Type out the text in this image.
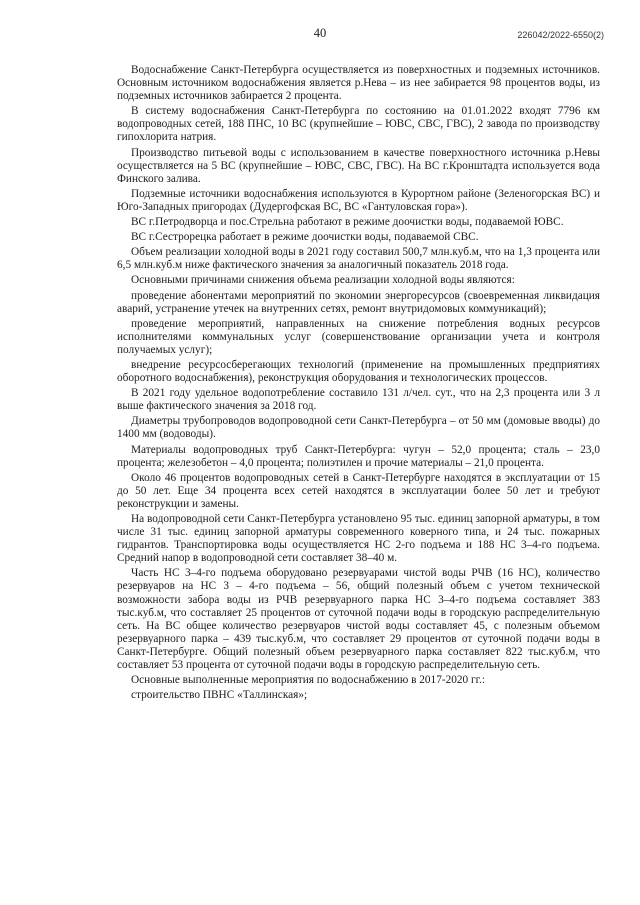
40	226042/2022-6550(2)

Водоснабжение Санкт-Петербурга осуществляется из поверхностных и подземных источников. Основным источником водоснабжения является р.Нева – из нее забирается 98 процентов воды, из подземных источников забирается 2 процента.

В систему водоснабжения Санкт-Петербурга по состоянию на 01.01.2022 входят 7796 км водопроводных сетей, 188 ПНС, 10 ВС (крупнейшие – ЮВС, СВС, ГВС), 2 завода по производству гипохлорита натрия.

Производство питьевой воды с использованием в качестве поверхностного источника р.Невы осуществляется на 5 ВС (крупнейшие – ЮВС, СВС, ГВС). На ВС г.Кронштадта используется вода Финского залива.

Подземные источники водоснабжения используются в Курортном районе (Зеленогорская ВС) и Юго-Западных пригородах (Дудергофская ВС, ВС «Гантуловская гора»).

ВС г.Петродворца и пос.Стрельна работают в режиме доочистки воды, подаваемой ЮВС.

ВС г.Сестрорецка работает в режиме доочистки воды, подаваемой СВС.

Объем реализации холодной воды в 2021 году составил 500,7 млн.куб.м, что на 1,3 процента или 6,5 млн.куб.м ниже фактического значения за аналогичный показатель 2018 года.

Основными причинами снижения объема реализации холодной воды являются:

проведение абонентами мероприятий по экономии энергоресурсов (своевременная ликвидация аварий, устранение утечек на внутренних сетях, ремонт внутридомовых коммуникаций);

проведение мероприятий, направленных на снижение потребления водных ресурсов исполнителями коммунальных услуг (совершенствование организации учета и контроля получаемых услуг);

внедрение ресурсосберегающих технологий (применение на промышленных предприятиях оборотного водоснабжения), реконструкция оборудования и технологических процессов.

В 2021 году удельное водопотребление составило 131 л/чел. сут., что на 2,3 процента или 3 л выше фактического значения за 2018 год.

Диаметры трубопроводов водопроводной сети Санкт-Петербурга – от 50 мм (домовые вводы) до 1400 мм (водоводы).

Материалы водопроводных труб Санкт-Петербурга: чугун – 52,0 процента; сталь – 23,0 процента; железобетон – 4,0 процента; полиэтилен и прочие материалы – 21,0 процента.

Около 46 процентов водопроводных сетей в Санкт-Петербурге находятся в эксплуатации от 15 до 50 лет. Еще 34 процента всех сетей находятся в эксплуатации более 50 лет и требуют реконструкции и замены.

На водопроводной сети Санкт-Петербурга установлено 95 тыс. единиц запорной арматуры, в том числе 31 тыс. единиц запорной арматуры современного коверного типа, и 24 тыс. пожарных гидрантов. Транспортировка воды осуществляется НС 2-го подъема и 188 НС 3–4-го подъема. Средний напор в водопроводной сети составляет 38–40 м.

Часть НС 3–4-го подъема оборудовано резервуарами чистой воды РЧВ (16 НС), количество резервуаров на НС 3 – 4-го подъема – 56, общий полезный объем с учетом технической возможности забора воды из РЧВ резервуарного парка НС 3–4-го подъема составляет 383 тыс.куб.м, что составляет 25 процентов от суточной подачи воды в городскую распределительную сеть. На ВС общее количество резервуаров чистой воды составляет 45, с полезным объемом резервуарного парка – 439 тыс.куб.м, что составляет 29 процентов от суточной подачи воды в Санкт-Петербурге. Общий полезный объем резервуарного парка составляет 822 тыс.куб.м, что составляет 53 процента от суточной подачи воды в городскую распределительную сеть.

Основные выполненные мероприятия по водоснабжению в 2017-2020 гг.:

строительство ПВНС «Таллинская»;
